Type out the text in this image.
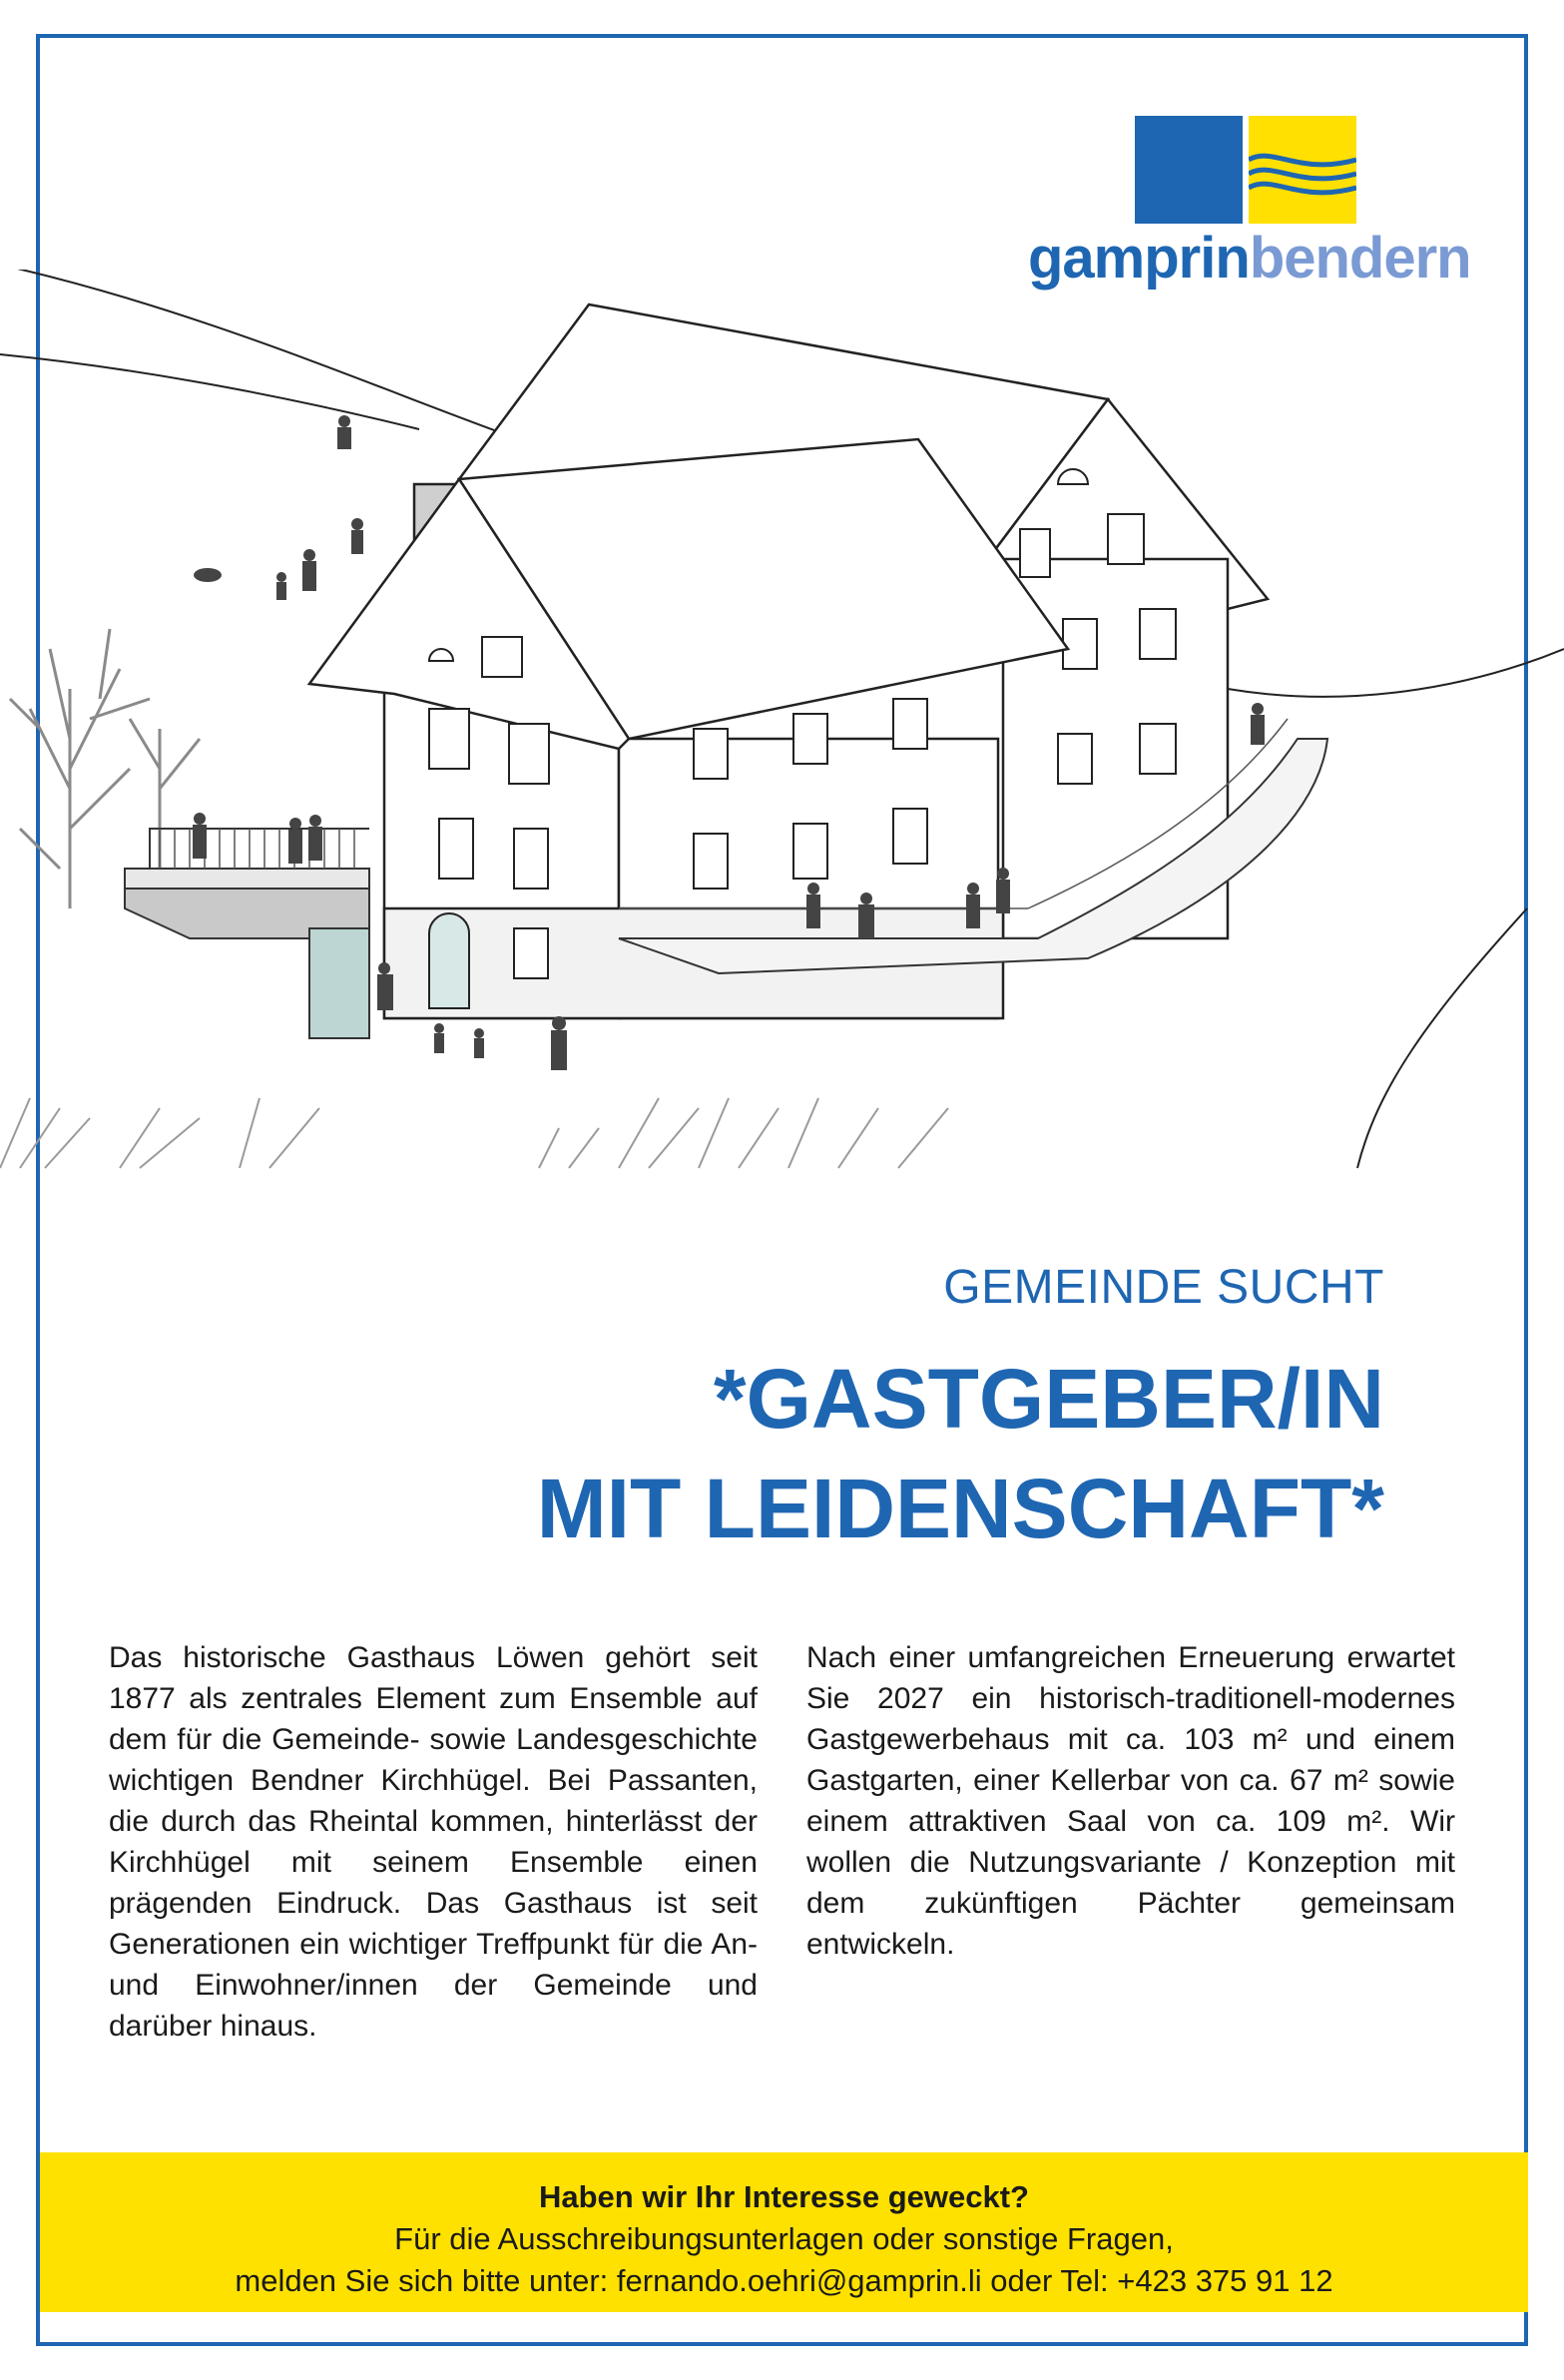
gamprinbendern
GEMEINDE SUCHT
*GASTGEBER/IN
MIT LEIDENSCHAFT*
Das historische Gasthaus Löwen gehört seit 1877 als zentrales Element zum Ensemble auf dem für die Gemeinde- sowie Landesgeschichte wichtigen Bendner Kirchhügel. Bei Passanten, die durch das Rheintal kommen, hinterlässt der Kirchhügel mit seinem Ensemble einen prägenden Eindruck. Das Gasthaus ist seit Generationen ein wichtiger Treffpunkt für die An- und Einwohner/innen der Gemeinde und darüber hinaus.
Nach einer umfangreichen Erneuerung erwartet Sie 2027 ein historisch-traditionell-modernes Gastgewerbehaus mit ca. 103 m² und einem Gastgarten, einer Kellerbar von ca. 67 m² sowie einem attraktiven Saal von ca. 109 m². Wir wollen die Nutzungsvariante / Konzeption mit dem zukünftigen Pächter gemeinsam entwickeln.
Haben wir Ihr Interesse geweckt?
Für die Ausschreibungsunterlagen oder sonstige Fragen,
melden Sie sich bitte unter: fernando.oehri@gamprin.li oder Tel: +423 375 91 12
